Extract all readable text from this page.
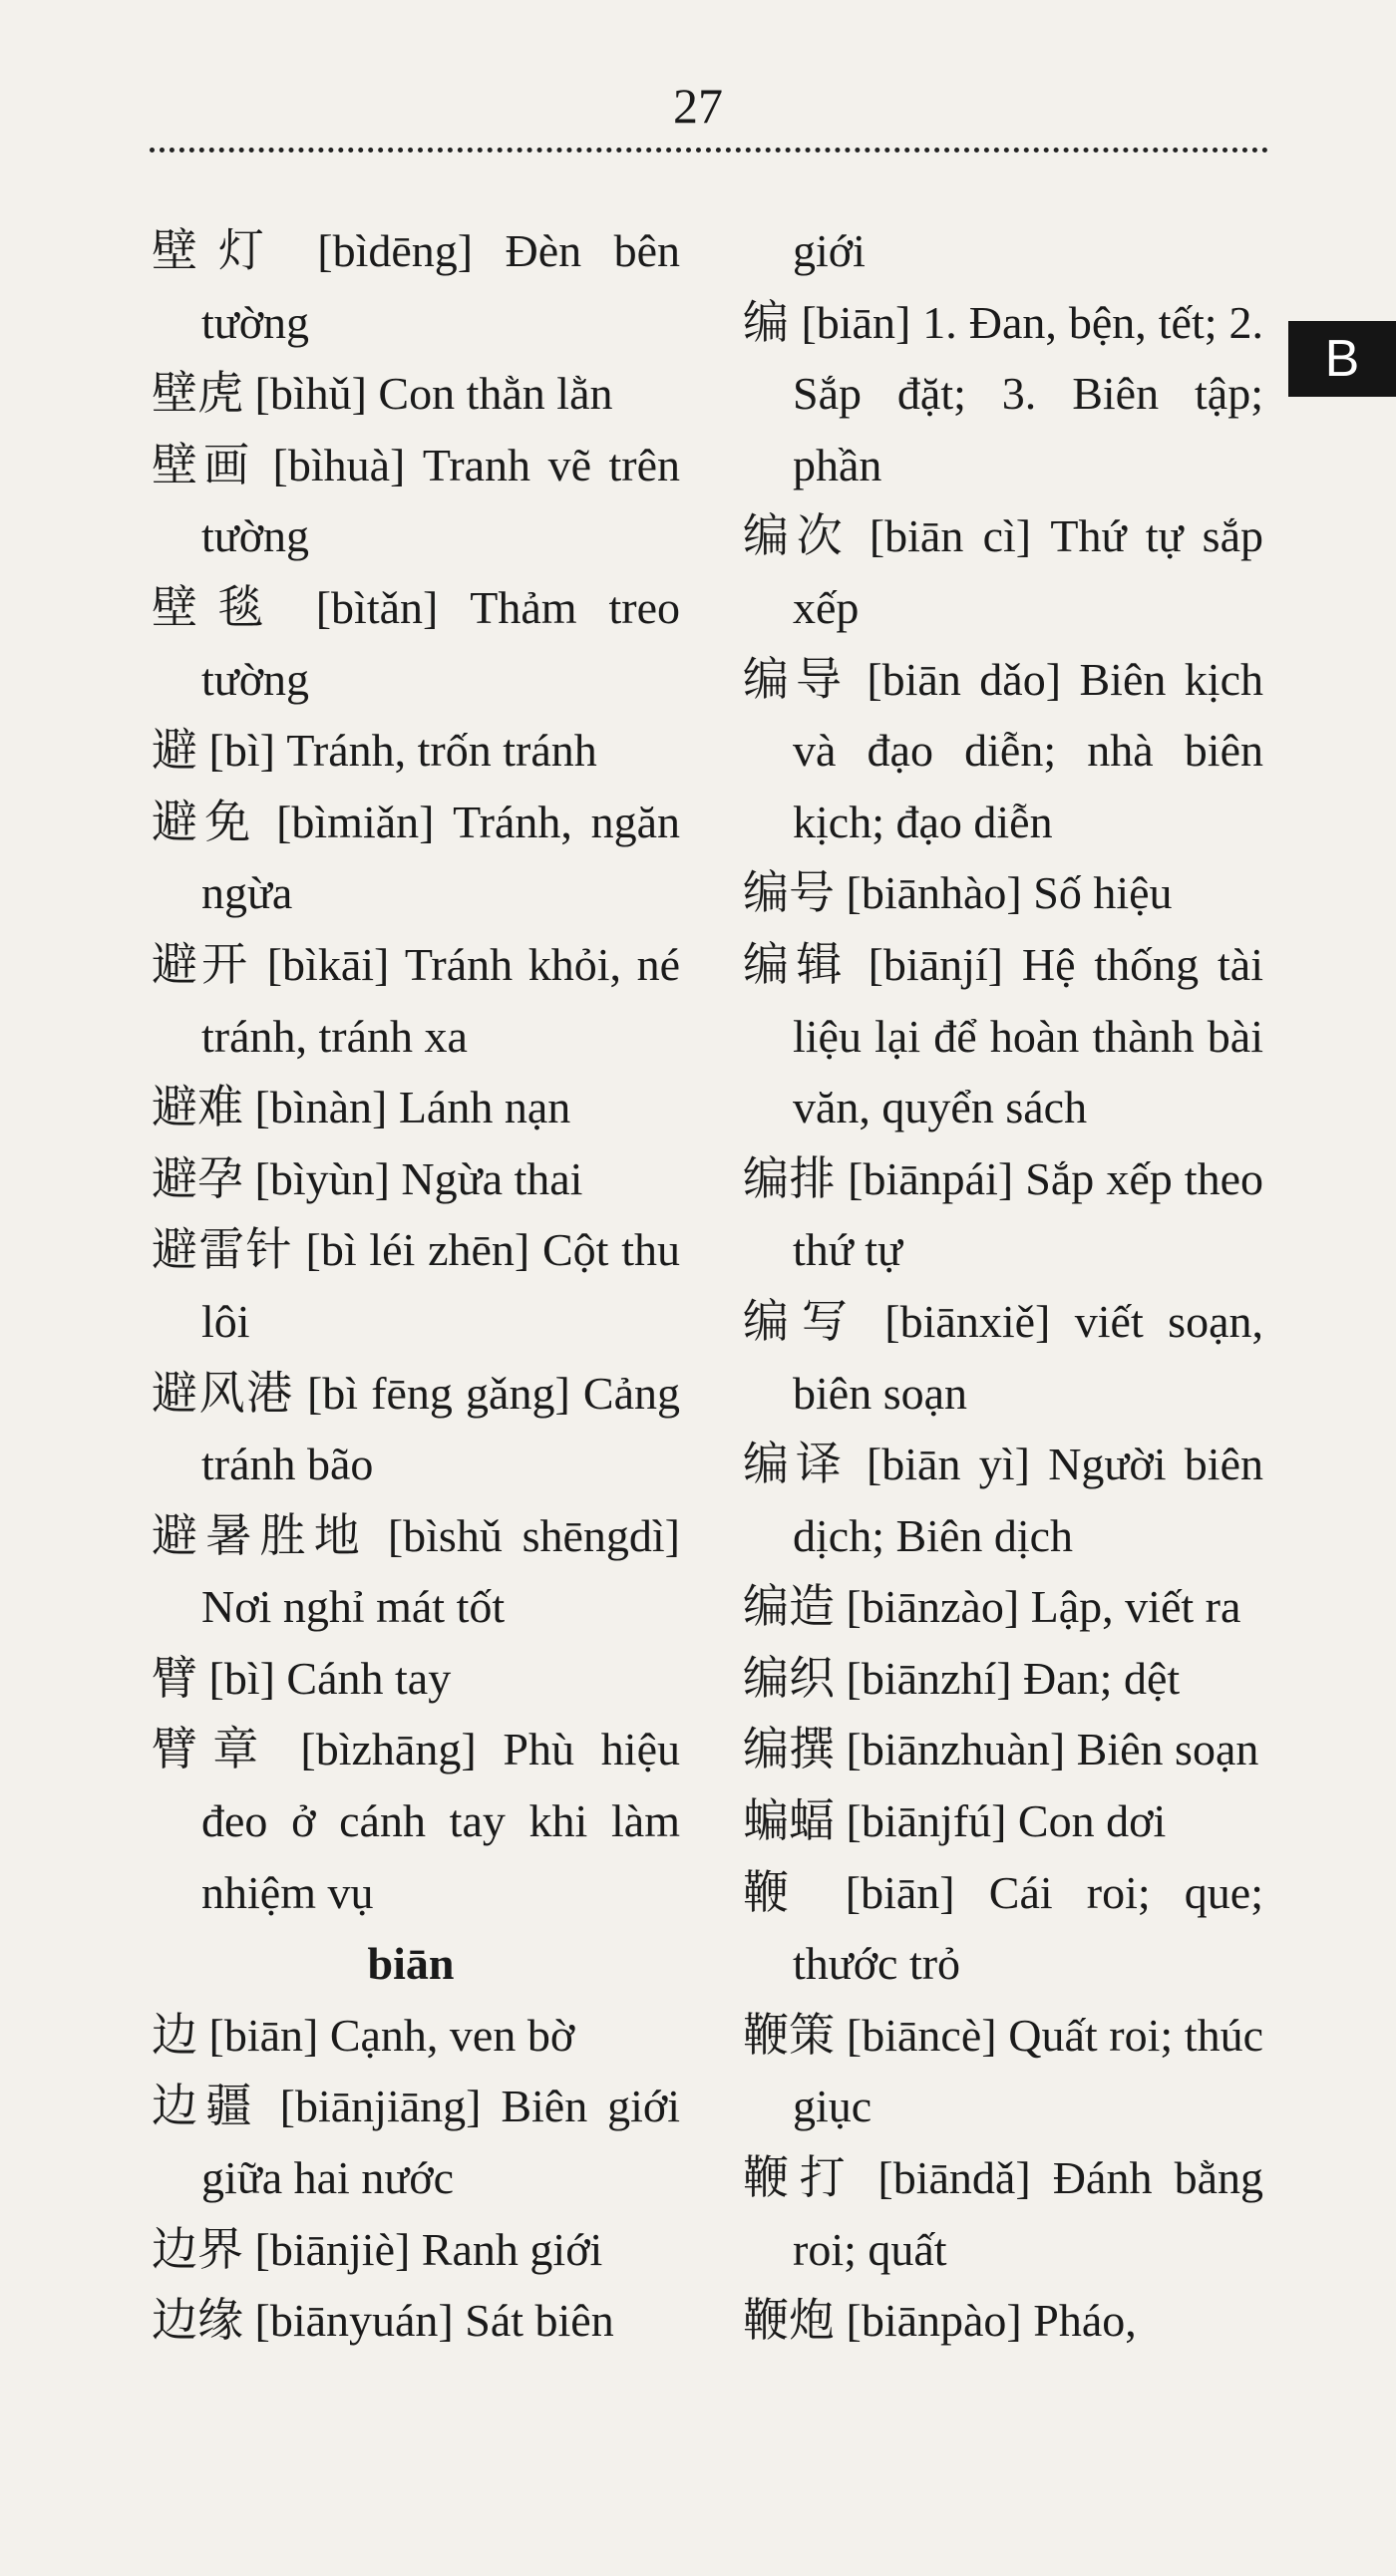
27
B

壁灯 [bìdēng] Đèn bên tường

壁虎 [bìhǔ] Con thằn lằn

壁画 [bìhuà] Tranh vẽ trên tường

壁毯 [bìtǎn] Thảm treo tường

避 [bì] Tránh, trốn tránh

避免 [bìmiǎn] Tránh, ngăn ngừa

避开 [bìkāi] Tránh khỏi, né tránh, tránh xa

避难 [bìnàn] Lánh nạn

避孕 [bìyùn] Ngừa thai

避雷针 [bì léi zhēn] Cột thu lôi

避风港 [bì fēng gǎng] Cảng tránh bão

避暑胜地 [bìshǔ shēngdì] Nơi nghỉ mát tốt

臂 [bì] Cánh tay

臂章 [bìzhāng] Phù hiệu đeo ở cánh tay khi làm nhiệm vụ

biān

边 [biān] Cạnh, ven bờ

边疆 [biānjiāng] Biên giới giữa hai nước

边界 [biānjiè] Ranh giới

边缘 [biānyuán] Sát biên

giới

编 [biān] 1. Đan, bện, tết; 2. Sắp đặt; 3. Biên tập; phần

编次 [biān cì] Thứ tự sắp xếp

编导 [biān dǎo] Biên kịch và đạo diễn; nhà biên kịch; đạo diễn

编号 [biānhào] Số hiệu

编辑 [biānjí] Hệ thống tài liệu lại để hoàn thành bài văn, quyển sách

编排 [biānpái] Sắp xếp theo thứ tự

编写 [biānxiě] viết soạn, biên soạn

编译 [biān yì] Người biên dịch; Biên dịch

编造 [biānzào] Lập, viết ra

编织 [biānzhí] Đan; dệt

编撰 [biānzhuàn] Biên soạn

蝙蝠 [biānjfú] Con dơi

鞭 [biān] Cái roi; que; thước trỏ

鞭策 [biāncè] Quất roi; thúc giục

鞭打 [biāndǎ] Đánh bằng roi; quất

鞭炮 [biānpào] Pháo,
